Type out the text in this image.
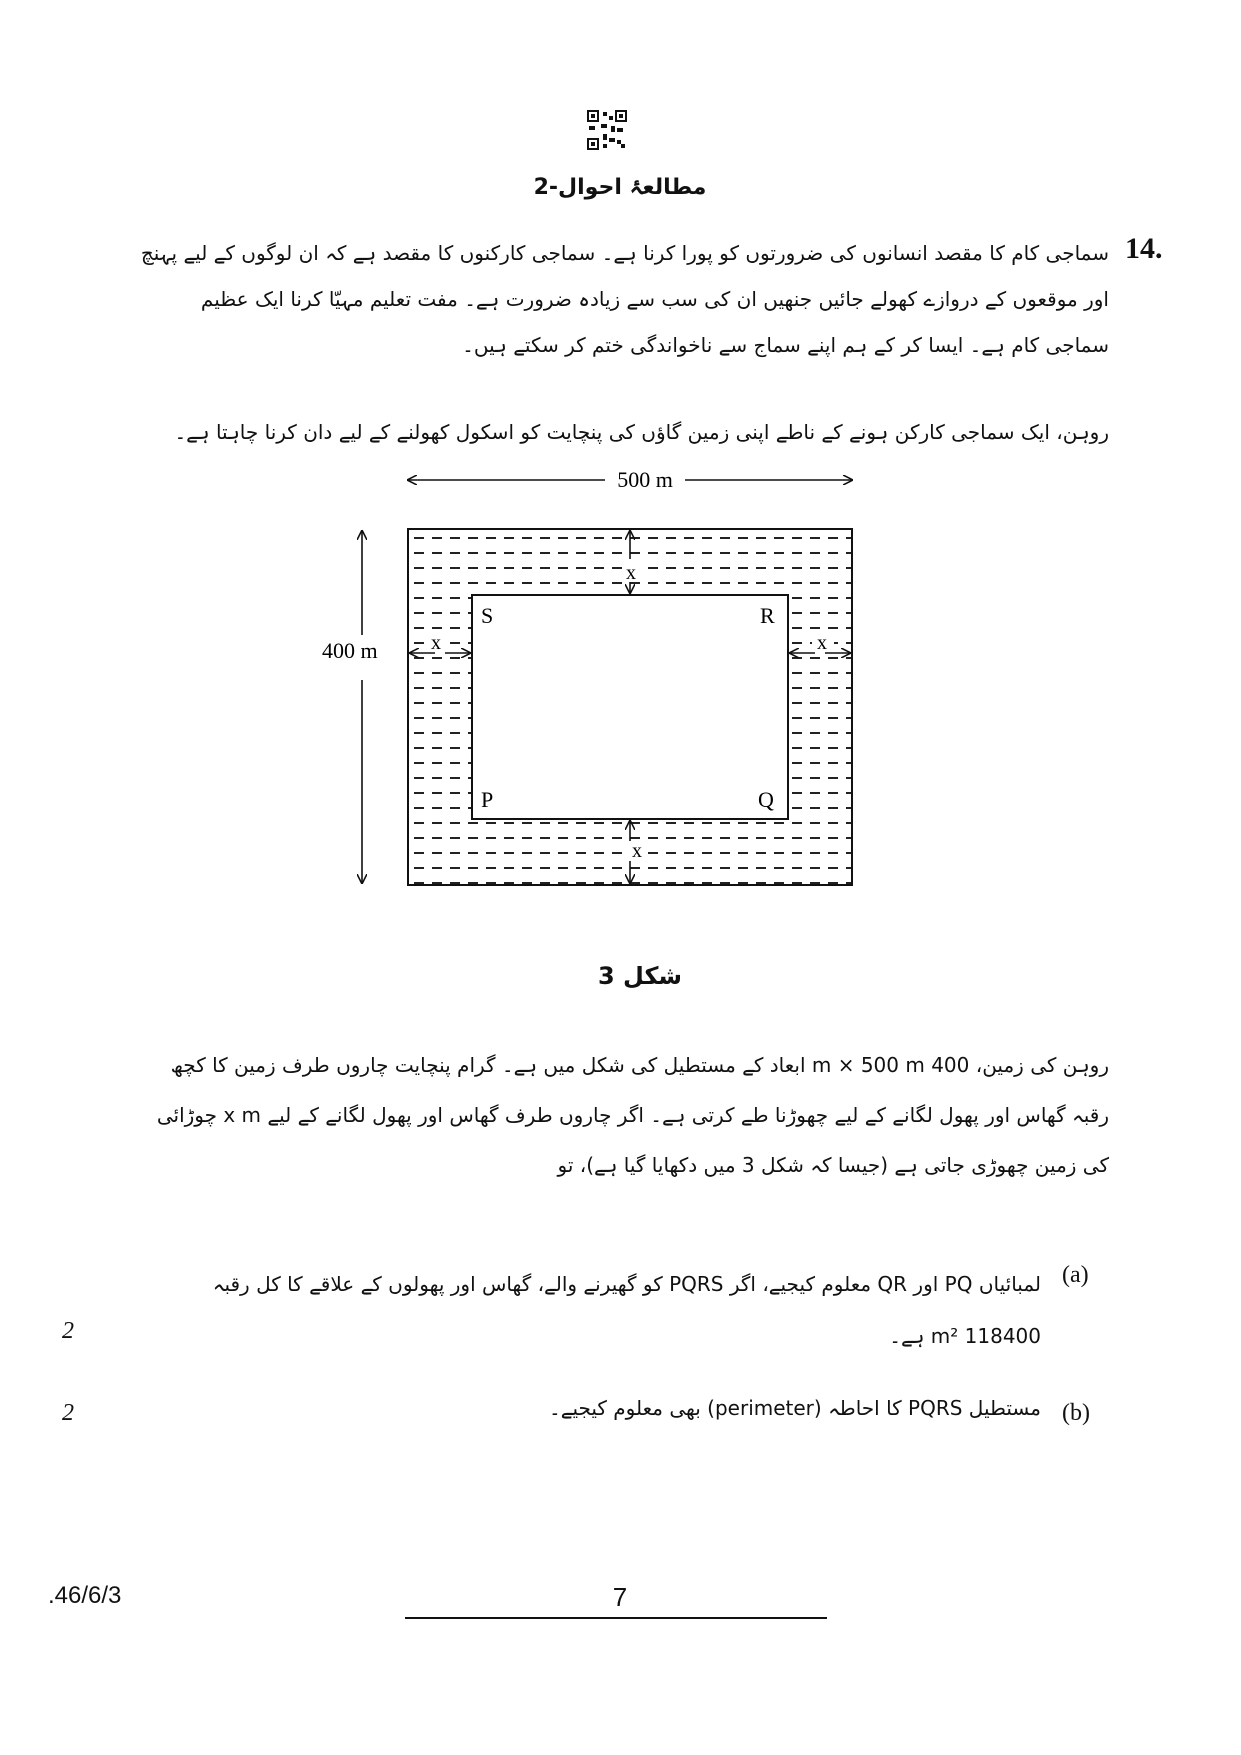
مطالعۂ احوال-2
14.
سماجی کام کا مقصد انسانوں کی ضرورتوں کو پورا کرنا ہے۔ سماجی کارکنوں کا مقصد ہے کہ ان لوگوں کے لیے پہنچ اور موقعوں کے دروازے کھولے جائیں جنھیں ان کی سب سے زیادہ ضرورت ہے۔ مفت تعلیم مہیّا کرنا ایک عظیم سماجی کام ہے۔ ایسا کر کے ہم اپنے سماج سے ناخواندگی ختم کر سکتے ہیں۔
روہن، ایک سماجی کارکن ہونے کے ناطے اپنی زمین گاؤں کی پنچایت کو اسکول کھولنے کے لیے دان کرنا چاہتا ہے۔
500 m
400 m
x
x
x	x
S	R
P	Q
شکل 3
روہن کی زمین، 400 m × 500 m ابعاد کے مستطیل کی شکل میں ہے۔ گرام پنچایت چاروں طرف زمین کا کچھ رقبہ گھاس اور پھول لگانے کے لیے چھوڑنا طے کرتی ہے۔ اگر چاروں طرف گھاس اور پھول لگانے کے لیے x m چوڑائی کی زمین چھوڑی جاتی ہے (جیسا کہ شکل 3 میں دکھایا گیا ہے)، تو
(a)
لمبائیاں PQ اور QR معلوم کیجیے، اگر PQRS کو گھیرنے والے، گھاس اور پھولوں کے علاقے کا کل رقبہ 118400 m² ہے۔
2
(b)
مستطیل PQRS کا احاطہ (perimeter) بھی معلوم کیجیے۔
2
.46/6/3	7
